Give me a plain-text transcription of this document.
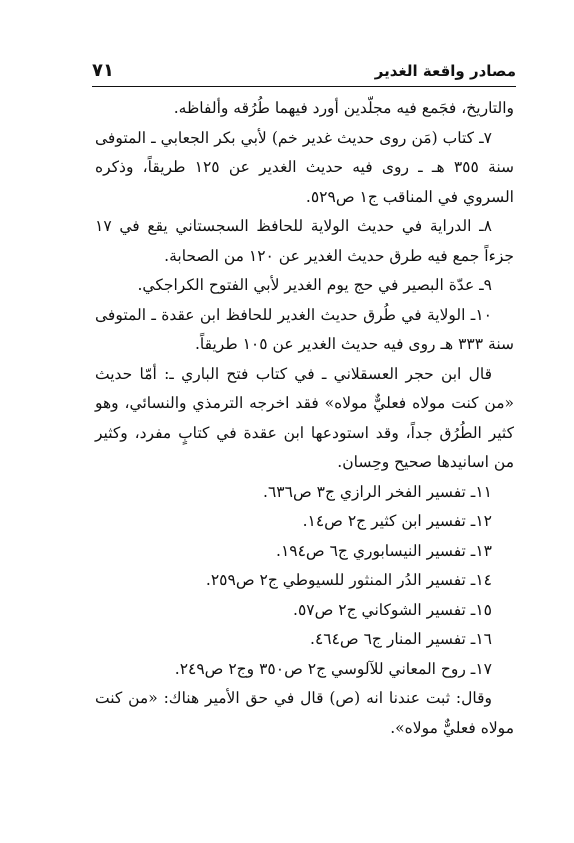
مصادر واقعة الغدير
٧١

والتاريخ، فجَمع فيه مجلّدين أورد فيهما طُرُقه وألفاظه.

٧ـ كتاب (مَن روى حديث غدير خم) لأبي بكر الجعابي ـ المتوفى سنة ٣٥٥ هـ ـ روى فيه حديث الغدير عن ١٢٥ طريقاً، وذكره السروي في المناقب ج١ ص٥٢٩.

٨ـ الدراية في حديث الولاية للحافظ السجستاني يقع في ١٧ جزءاً جمع فيه طرق حديث الغدير عن ١٢٠ من الصحابة.

٩ـ عدّة البصير في حج يوم الغدير لأبي الفتوح الكراجكي.

١٠ـ الولاية في طُرق حديث الغدير للحافظ ابن عقدة ـ المتوفى سنة ٣٣٣ هـ روى فيه حديث الغدير عن ١٠٥ طريقاً.

قال ابن حجر العسقلاني ـ في كتاب فتح الباري ـ: أمّا حديث «من كنت مولاه فعليٌّ مولاه» فقد اخرجه الترمذي والنسائي، وهو كثير الطُرُق جداً، وقد استودعها ابن عقدة في كتابٍ مفرد، وكثير من اسانيدها صحيح وحِسان.

١١ـ تفسير الفخر الرازي ج٣ ص٦٣٦.

١٢ـ تفسير ابن كثير ج٢ ص١٤.

١٣ـ تفسير النيسابوري ج٦ ص١٩٤.

١٤ـ تفسير الدُر المنثور للسيوطي ج٢ ص٢٥٩.

١٥ـ تفسير الشوكاني ج٢ ص٥٧.

١٦ـ تفسير المنار ج٦ ص٤٦٤.

١٧ـ روح المعاني للآلوسي ج٢ ص٣٥٠ وج٢ ص٢٤٩.

وقال: ثبت عندنا انه (ص) قال في حق الأمير هناك: «من كنت مولاه فعليٌّ مولاه».
